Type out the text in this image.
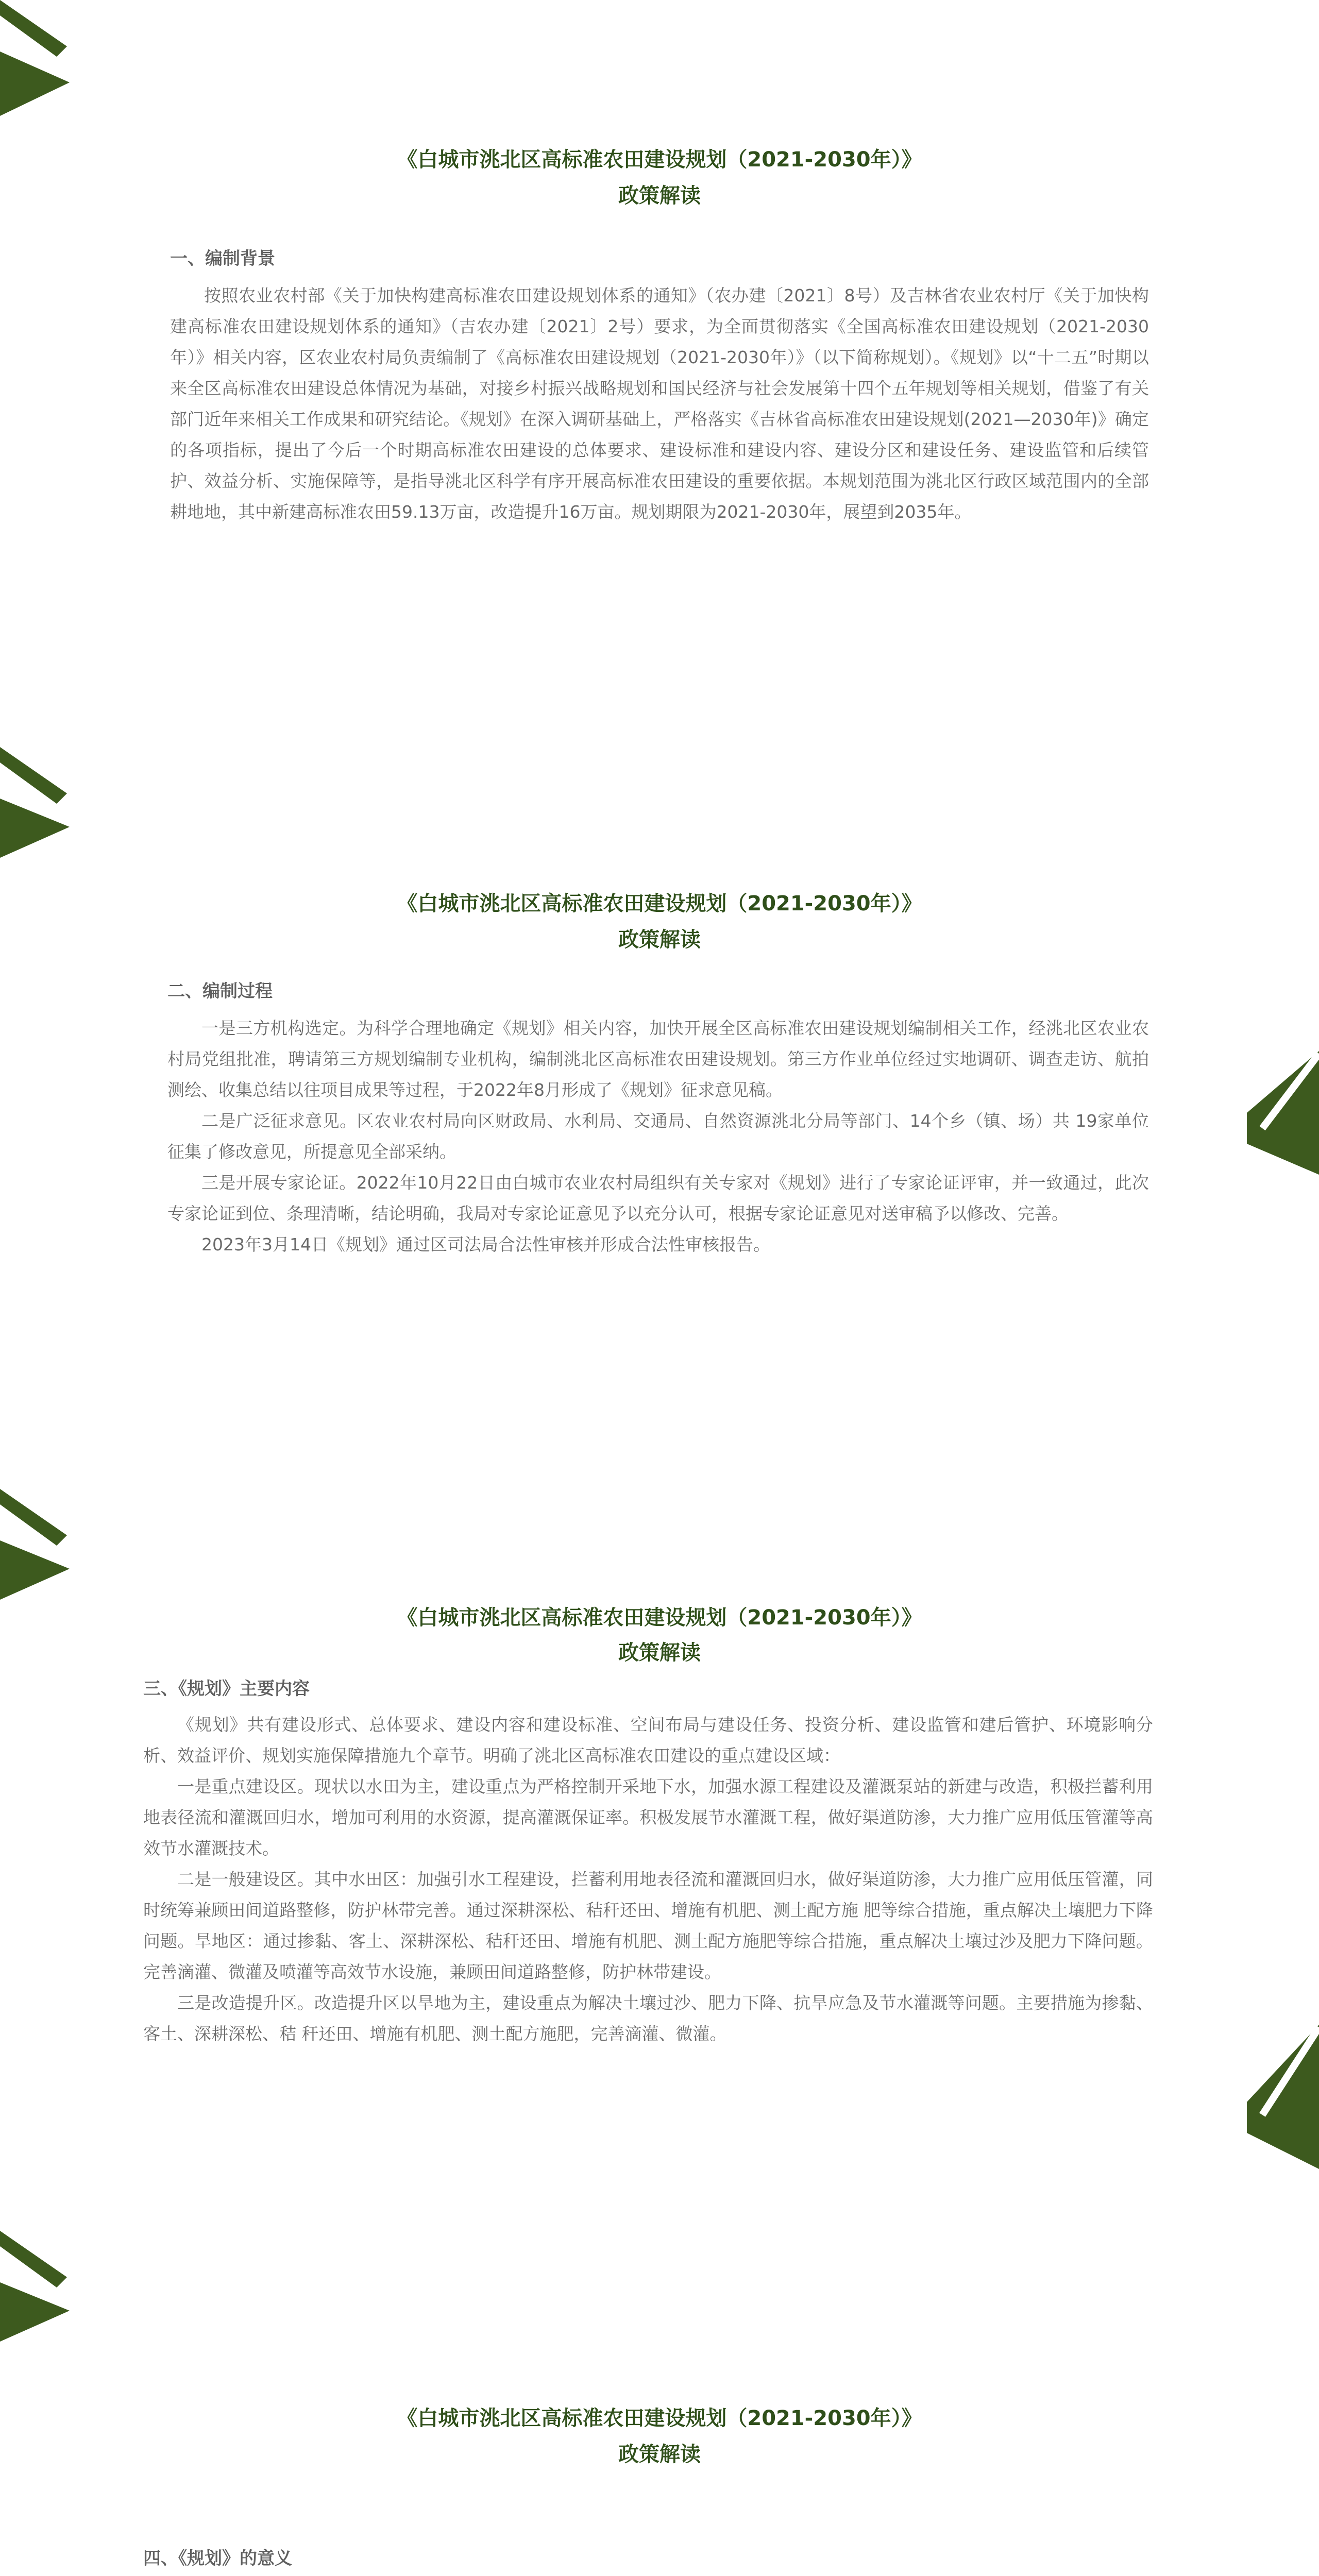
《白城市洮北区高标准农田建设规划（2021-2030年）》
政策解读
一、编制背景

按照农业农村部《关于加快构建高标准农田建设规划体系的通知》（农办建〔2021〕8号）及吉林省农业农村厅《关于加快构建高标准农田建设规划体系的通知》（吉农办建〔2021〕2号）要求，为全面贯彻落实《全国高标准农田建设规划（2021-2030年）》相关内容，区农业农村局负责编制了《高标准农田建设规划（2021-2030年）》（以下简称规划）。《规划》以“十二五”时期以来全区高标准农田建设总体情况为基础，对接乡村振兴战略规划和国民经济与社会发展第十四个五年规划等相关规划，借鉴了有关部门近年来相关工作成果和研究结论。《规划》在深入调研基础上，严格落实《吉林省高标准农田建设规划(2021—2030年)》确定的各项指标，提出了今后一个时期高标准农田建设的总体要求、建设标准和建设内容、建设分区和建设任务、建设监管和后续管护、效益分析、实施保障等，是指导洮北区科学有序开展高标准农田建设的重要依据。本规划范围为洮北区行政区域范围内的全部耕地地，其中新建高标准农田59.13万亩，改造提升16万亩。规划期限为2021-2030年，展望到2035年。

《白城市洮北区高标准农田建设规划（2021-2030年）》
政策解读
二、编制过程

一是三方机构选定。为科学合理地确定《规划》相关内容，加快开展全区高标准农田建设规划编制相关工作，经洮北区农业农村局党组批准，聘请第三方规划编制专业机构，编制洮北区高标准农田建设规划。第三方作业单位经过实地调研、调查走访、航拍测绘、收集总结以往项目成果等过程，于2022年8月形成了《规划》征求意见稿。

二是广泛征求意见。区农业农村局向区财政局、水利局、交通局、自然资源洮北分局等部门、14个乡（镇、场）共 19家单位征集了修改意见，所提意见全部采纳。

三是开展专家论证。2022年10月22日由白城市农业农村局组织有关专家对《规划》进行了专家论证评审，并一致通过，此次专家论证到位、条理清晰，结论明确，我局对专家论证意见予以充分认可，根据专家论证意见对送审稿予以修改、完善。

2023年3月14日《规划》通过区司法局合法性审核并形成合法性审核报告。

《白城市洮北区高标准农田建设规划（2021-2030年）》
政策解读
三、《规划》主要内容

《规划》共有建设形式、总体要求、建设内容和建设标准、空间布局与建设任务、投资分析、建设监管和建后管护、环境影响分析、效益评价、规划实施保障措施九个章节。明确了洮北区高标准农田建设的重点建设区域：

一是重点建设区。现状以水田为主，建设重点为严格控制开采地下水，加强水源工程建设及灌溉泵站的新建与改造，积极拦蓄利用地表径流和灌溉回归水，增加可利用的水资源，提高灌溉保证率。积极发展节水灌溉工程，做好渠道防渗，大力推广应用低压管灌等高效节水灌溉技术。

二是一般建设区。其中水田区：加强引水工程建设，拦蓄利用地表径流和灌溉回归水，做好渠道防渗，大力推广应用低压管灌，同时统筹兼顾田间道路整修，防护林带完善。通过深耕深松、秸秆还田、增施有机肥、测土配方施 肥等综合措施，重点解决土壤肥力下降问题。旱地区：通过掺黏、客土、深耕深松、秸秆还田、增施有机肥、测土配方施肥等综合措施，重点解决土壤过沙及肥力下降问题。完善滴灌、微灌及喷灌等高效节水设施，兼顾田间道路整修，防护林带建设。

三是改造提升区。改造提升区以旱地为主，建设重点为解决土壤过沙、肥力下降、抗旱应急及节水灌溉等问题。主要措施为掺黏、客土、深耕深松、秸 秆还田、增施有机肥、测土配方施肥，完善滴灌、微灌。

《白城市洮北区高标准农田建设规划（2021-2030年）》
政策解读
四、《规划》的意义
